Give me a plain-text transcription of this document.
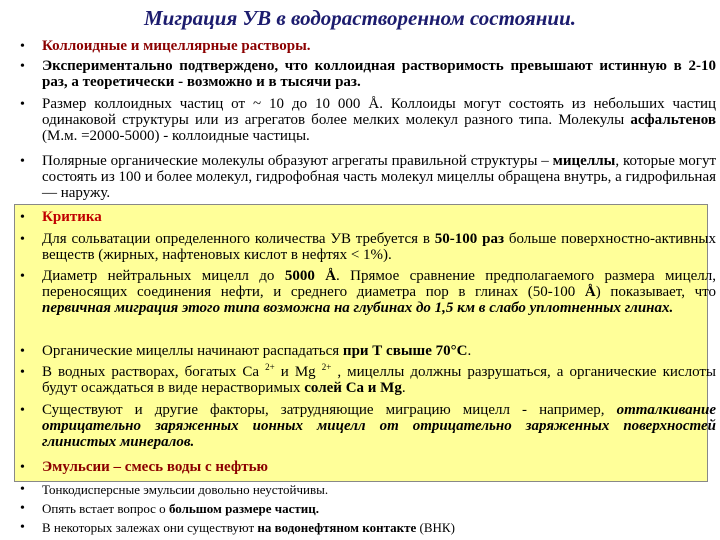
Миграция УВ в водорастворенном состоянии.
•	Коллоидные и мицеллярные растворы.
•	Экспериментально подтверждено, что коллоидная растворимость превышают истинную в 2-10 раз, а теоретически - возможно и в тысячи раз.
•	Размер коллоидных частиц от ~ 10 до 10 000 Å. Коллоиды могут состоять из небольших частиц одинаковой структуры или из агрегатов более мелких молекул разного типа. Молекулы асфальтенов (М.м. =2000-5000) - коллоидные частицы.
•	Полярные органические молекулы образуют агрегаты правильной структуры – мицеллы, которые могут состоять из 100 и более молекул, гидрофобная часть молекул мицеллы обращена внутрь, а гидрофильная — наружу.
•	Критика
•	Для сольватации определенного количества УВ требуется в 50-100 раз больше поверхностно-активных веществ (жирных, нафтеновых кислот в нефтях < 1%).
•	Диаметр нейтральных мицелл до 5000 Å. Прямое сравнение предполагаемого размера мицелл, переносящих соединения нефти, и среднего диаметра пор в глинах (50-100 Å) показывает, что первичная миграция этого типа возможна на глубинах до 1,5 км в слабо уплотненных глинах.
•	Органические мицеллы начинают распадаться при Т свыше 70°С.
•	В водных растворах, богатых Са $^{2+}$ и Mg $^{2+}$ , мицеллы должны разрушаться, а органические кислоты будут осаждаться в виде нерастворимых солей Са и Mg.
•	Существуют и другие факторы, затрудняющие миграцию мицелл - например, отталкивание отрицательно заряженных ионных мицелл от отрицательно заряженных поверхностей глинистых минералов.
•	Эмульсии – смесь воды с нефтью
•	Тонкодисперсные эмульсии довольно неустойчивы.
•	Опять встает вопрос о большом размере частиц.
•	В некоторых залежах они существуют на водонефтяном контакте (ВНК)
